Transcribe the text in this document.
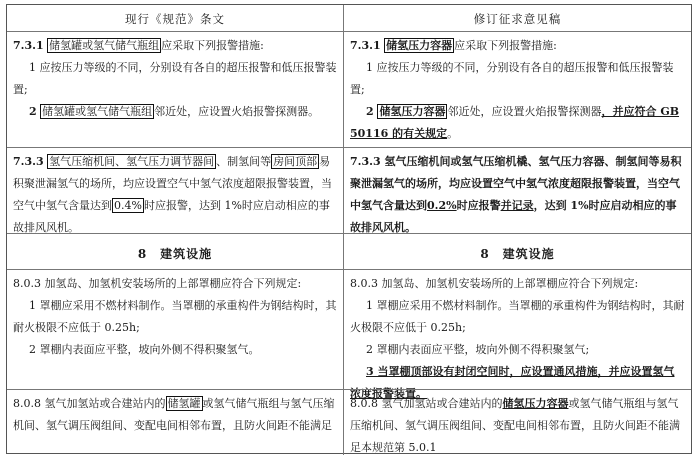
现行《规范》条文	修订征求意见稿

7.3.1 储氢罐或氢气储气瓶组 应采取下列报警措施:

1 应按压力等级的不同，分别设有各自的超压报警和低压报警装置;

2 储氢罐或氢气储气瓶组 邻近处，应设置火焰报警探测器。

7.3.1 储氢压力容器 应采取下列报警措施:

1 应按压力等级的不同，分别设有各自的超压报警和低压报警装置;

2 储氢压力容器 邻近处，应设置火焰报警探测器，并应符合 GB 50116 的有关规定。

7.3.3 氢气压缩机间、氢气压力调节器间 、制氢间等 房间顶部 易积聚泄漏氢气的场所，均应设置空气中氢气浓度超限报警装置，当空气中氢气含量达到 0.4% 时应报警，达到 1%时应启动相应的事故排风风机。

7.3.3 氢气压缩机间或氢气压缩机橇、氢气压力容器、制氢间等易积聚泄漏氢气的场所，均应设置空气中氢气浓度超限报警装置，当空气中氢气含量达到0.2%时应报警并记录，达到 1%时应启动相应的事故排风风机。

8　建筑设施	8　建筑设施

8.0.3 加氢岛、加氢机安装场所的上部罩棚应符合下列规定:

1 罩棚应采用不燃材料制作。当罩棚的承重构件为钢结构时，其耐火极限不应低于 0.25h;

2 罩棚内表面应平整，坡向外侧不得积聚氢气。

8.0.3 加氢岛、加氢机安装场所的上部罩棚应符合下列规定:

1 罩棚应采用不燃材料制作。当罩棚的承重构件为钢结构时，其耐火极限不应低于 0.25h;

2 罩棚内表面应平整，坡向外侧不得积聚氢气;

3 当罩棚顶部设有封闭空间时，应设置通风措施，并应设置氢气浓度报警装置。

8.0.8 氢气加氢站或合建站内的 储氢罐 或氢气储气瓶组与氢气压缩机间、氢气调压阀组间、变配电间相邻布置，且防火间距不能满足

8.0.8 氢气加氢站或合建站内的储氢压力容器或氢气储气瓶组与氢气压缩机间、氢气调压阀组间、变配电间相邻布置，且防火间距不能满足本规范第 5.0.1
